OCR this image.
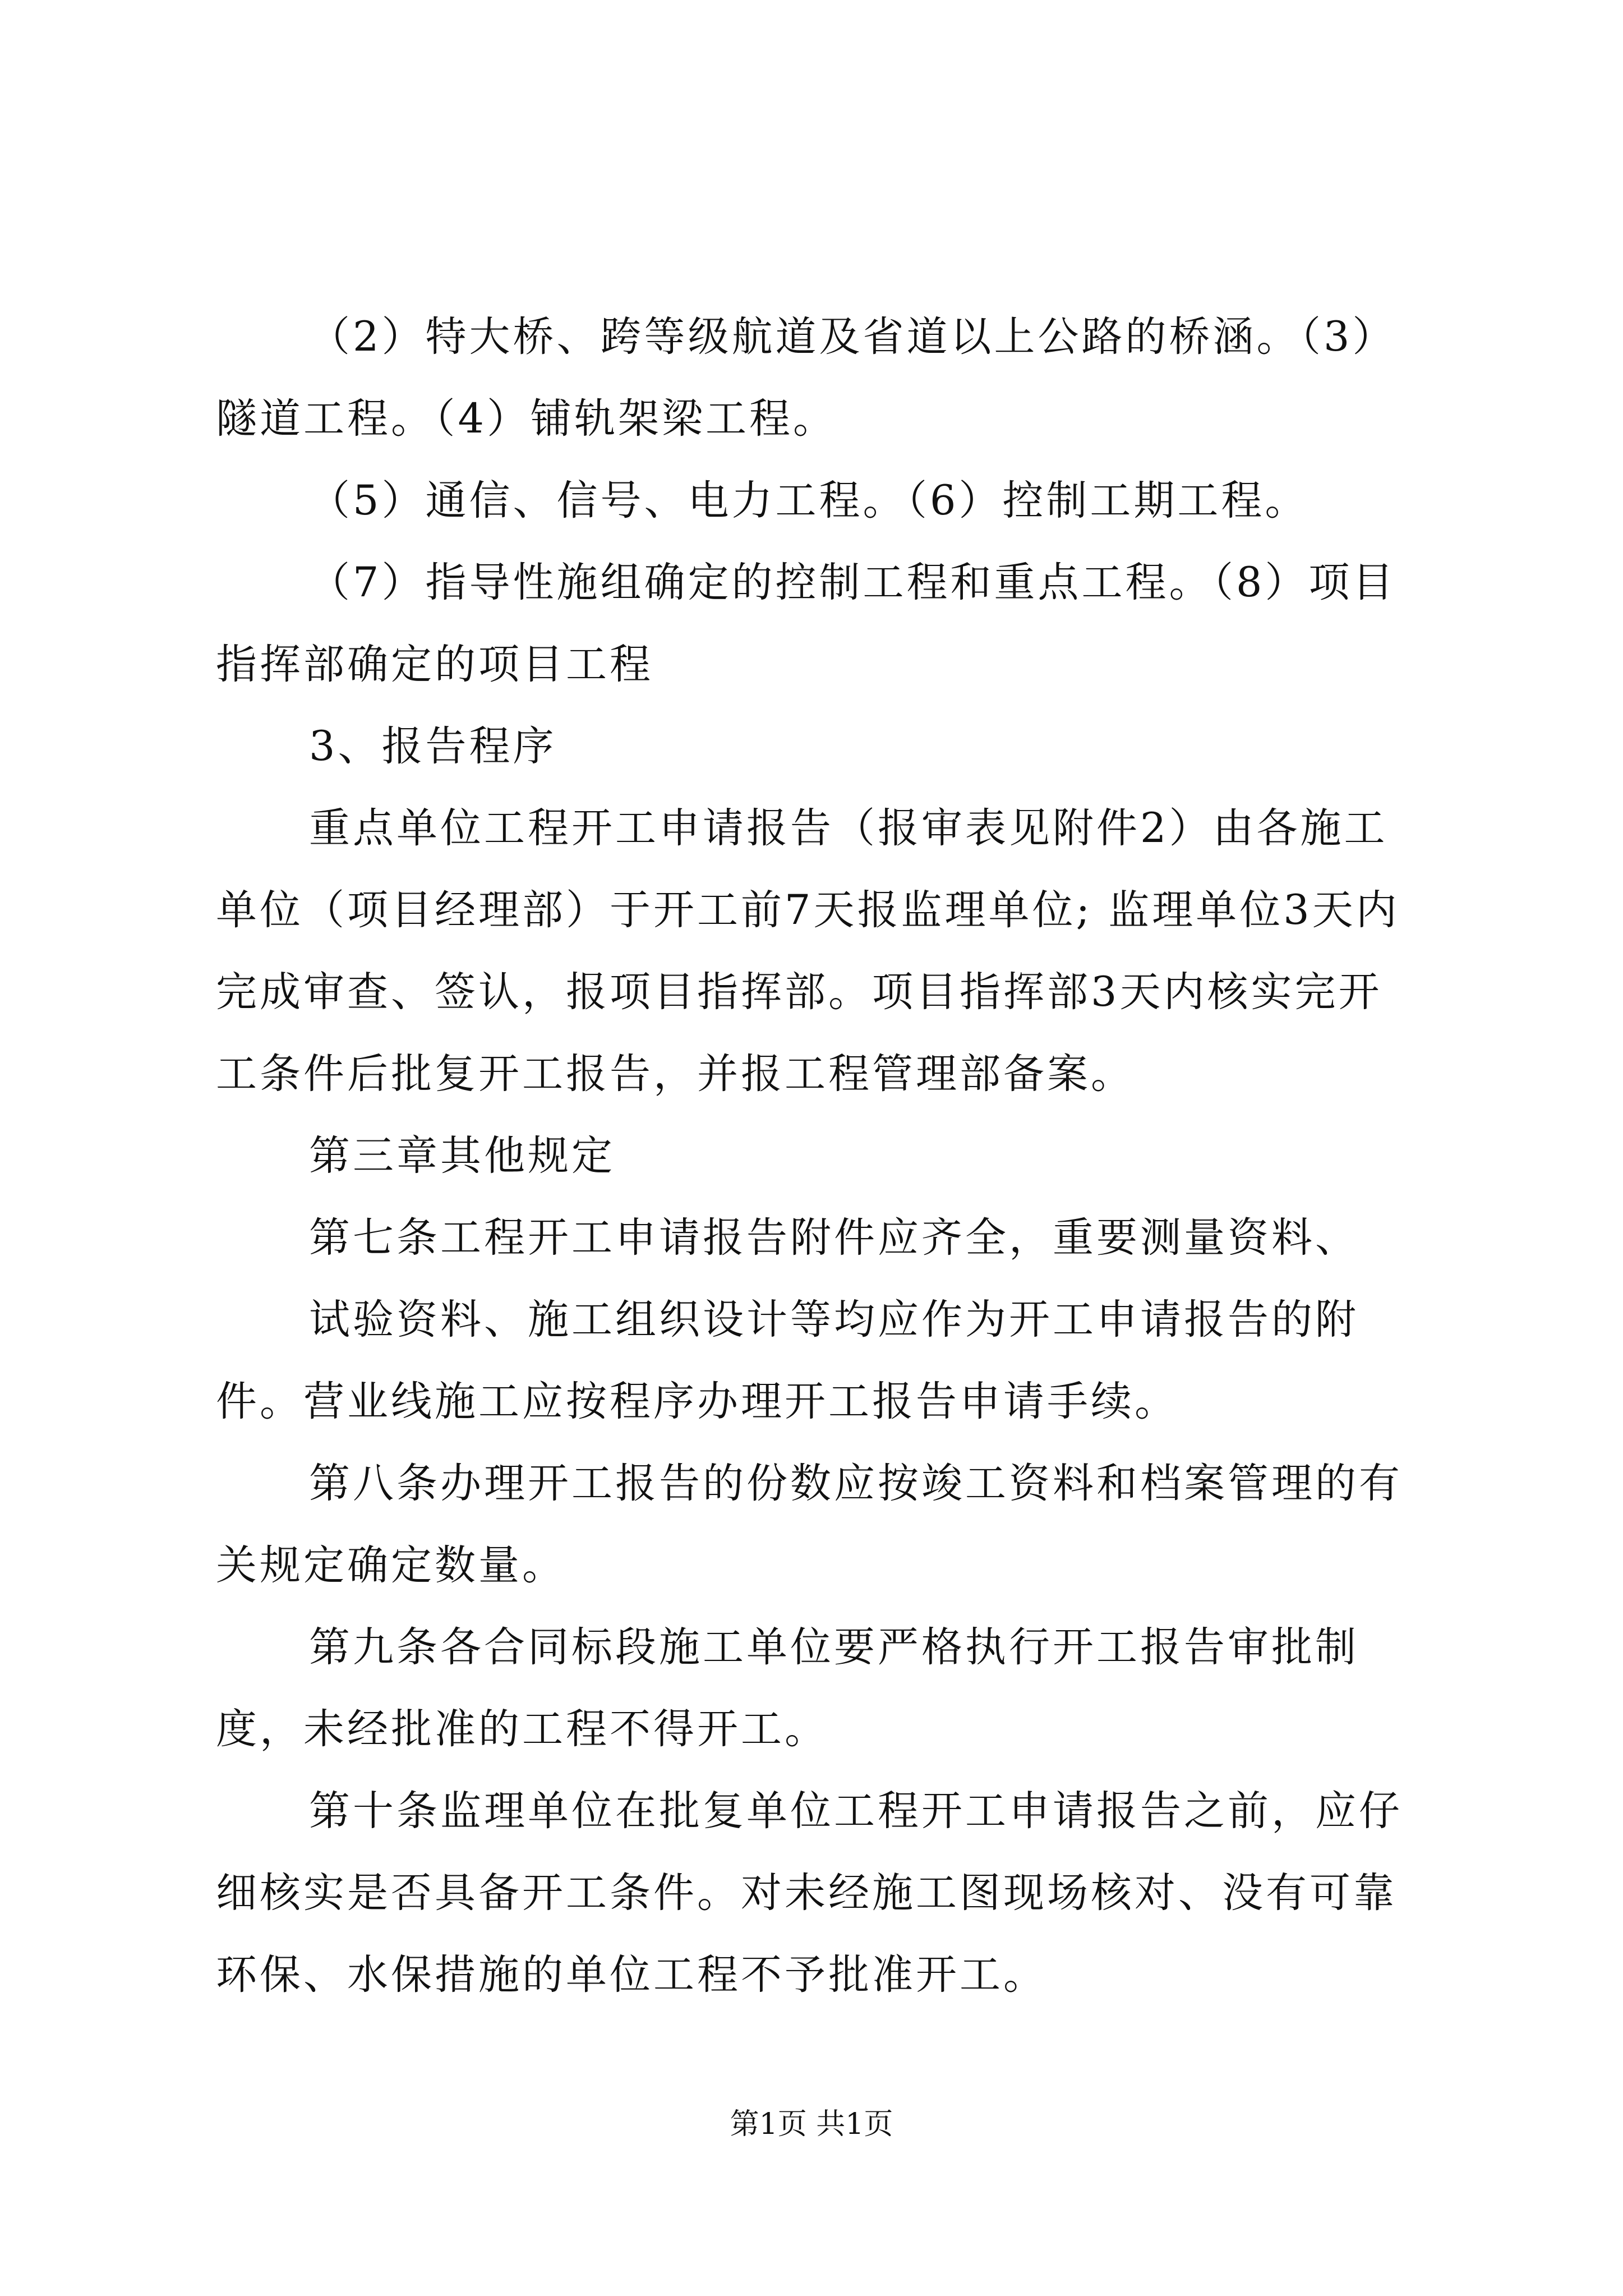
（2）特大桥、跨等级航道及省道以上公路的桥涵。（3）隧道工程。（4）铺轨架梁工程。

（5）通信、信号、电力工程。（6）控制工期工程。

（7）指导性施组确定的控制工程和重点工程。（8）项目指挥部确定的项目工程

3、报告程序

重点单位工程开工申请报告（报审表见附件2）由各施工单位（项目经理部）于开工前7天报监理单位; 监理单位3天内完成审查、签认，报项目指挥部。项目指挥部3天内核实完开工条件后批复开工报告，并报工程管理部备案。

第三章其他规定

第七条工程开工申请报告附件应齐全，重要测量资料、

试验资料、施工组织设计等均应作为开工申请报告的附件。营业线施工应按程序办理开工报告申请手续。

第八条办理开工报告的份数应按竣工资料和档案管理的有关规定确定数量。

第九条各合同标段施工单位要严格执行开工报告审批制度，未经批准的工程不得开工。

第十条监理单位在批复单位工程开工申请报告之前，应仔细核实是否具备开工条件。对未经施工图现场核对、没有可靠环保、水保措施的单位工程不予批准开工。

第1页 共1页
